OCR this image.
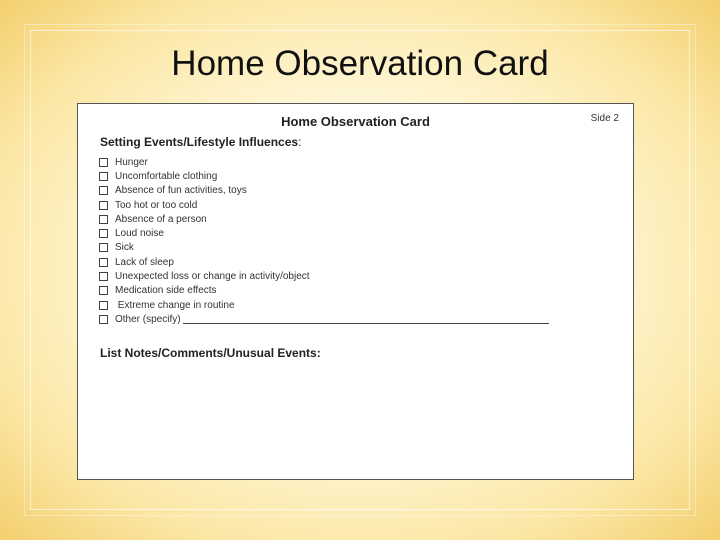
Home Observation Card
Home Observation Card	Side 2
Setting Events/Lifestyle Influences:
Hunger
Uncomfortable clothing
Absence of fun activities, toys
Too hot or too cold
Absence of a person
Loud noise
Sick
Lack of sleep
Unexpected loss or change in activity/object
Medication side effects
Extreme change in routine
Other (specify)
List Notes/Comments/Unusual Events:
